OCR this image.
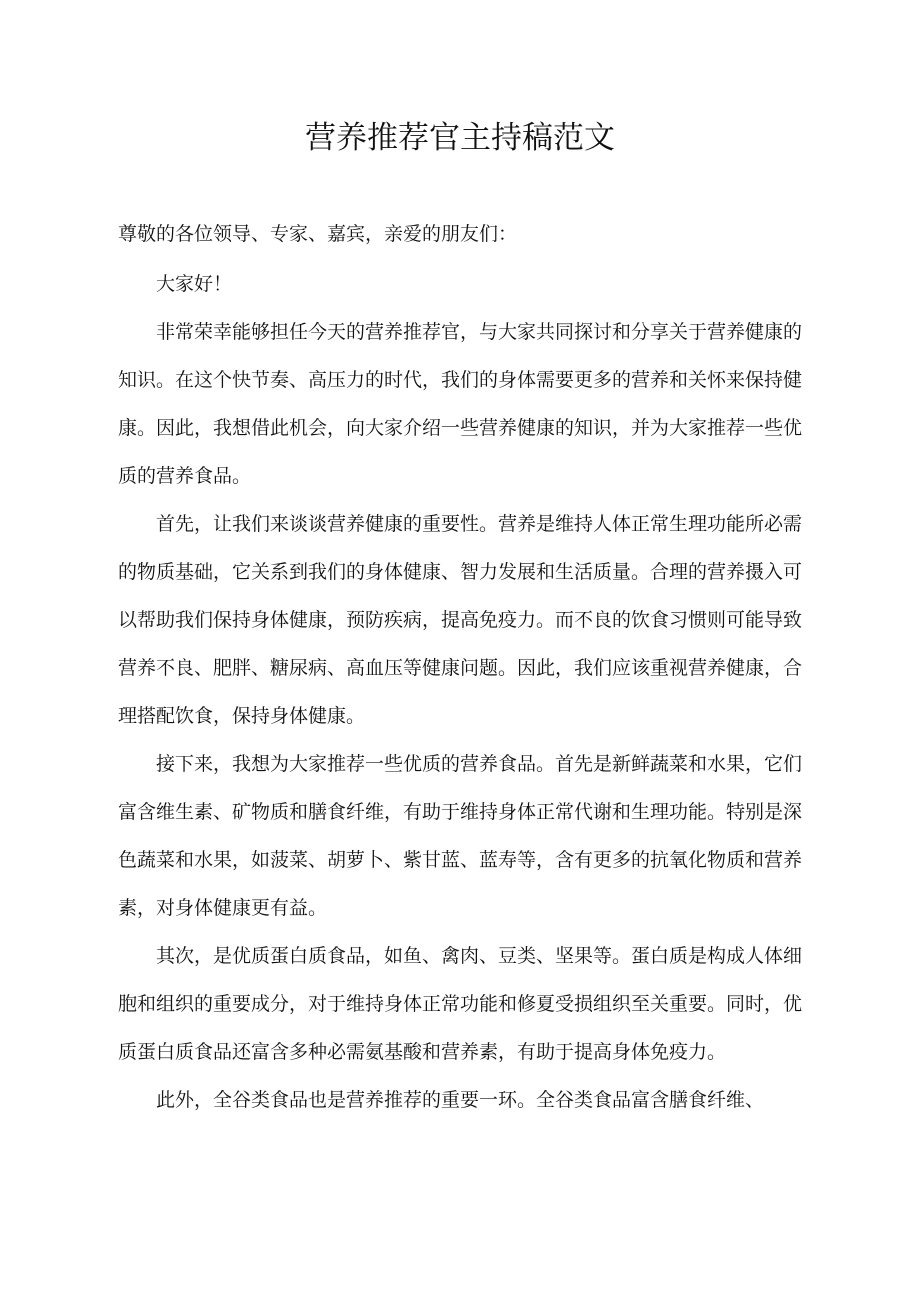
营养推荐官主持稿范文

尊敬的各位领导、专家、嘉宾，亲爱的朋友们：

大家好！

非常荣幸能够担任今天的营养推荐官，与大家共同探讨和分享关于营养健康的知识。在这个快节奏、高压力的时代，我们的身体需要更多的营养和关怀来保持健康。因此，我想借此机会，向大家介绍一些营养健康的知识，并为大家推荐一些优质的营养食品。

首先，让我们来谈谈营养健康的重要性。营养是维持人体正常生理功能所必需的物质基础，它关系到我们的身体健康、智力发展和生活质量。合理的营养摄入可以帮助我们保持身体健康，预防疾病，提高免疫力。而不良的饮食习惯则可能导致营养不良、肥胖、糖尿病、高血压等健康问题。因此，我们应该重视营养健康，合理搭配饮食，保持身体健康。

接下来，我想为大家推荐一些优质的营养食品。首先是新鲜蔬菜和水果，它们富含维生素、矿物质和膳食纤维，有助于维持身体正常代谢和生理功能。特别是深色蔬菜和水果，如菠菜、胡萝卜、紫甘蓝、蓝寿等，含有更多的抗氧化物质和营养素，对身体健康更有益。

其次，是优质蛋白质食品，如鱼、禽肉、豆类、坚果等。蛋白质是构成人体细胞和组织的重要成分，对于维持身体正常功能和修夏受损组织至关重要。同时，优质蛋白质食品还富含多种必需氨基酸和营养素，有助于提高身体免疫力。

此外，全谷类食品也是营养推荐的重要一环。全谷类食品富含膳食纤维、
